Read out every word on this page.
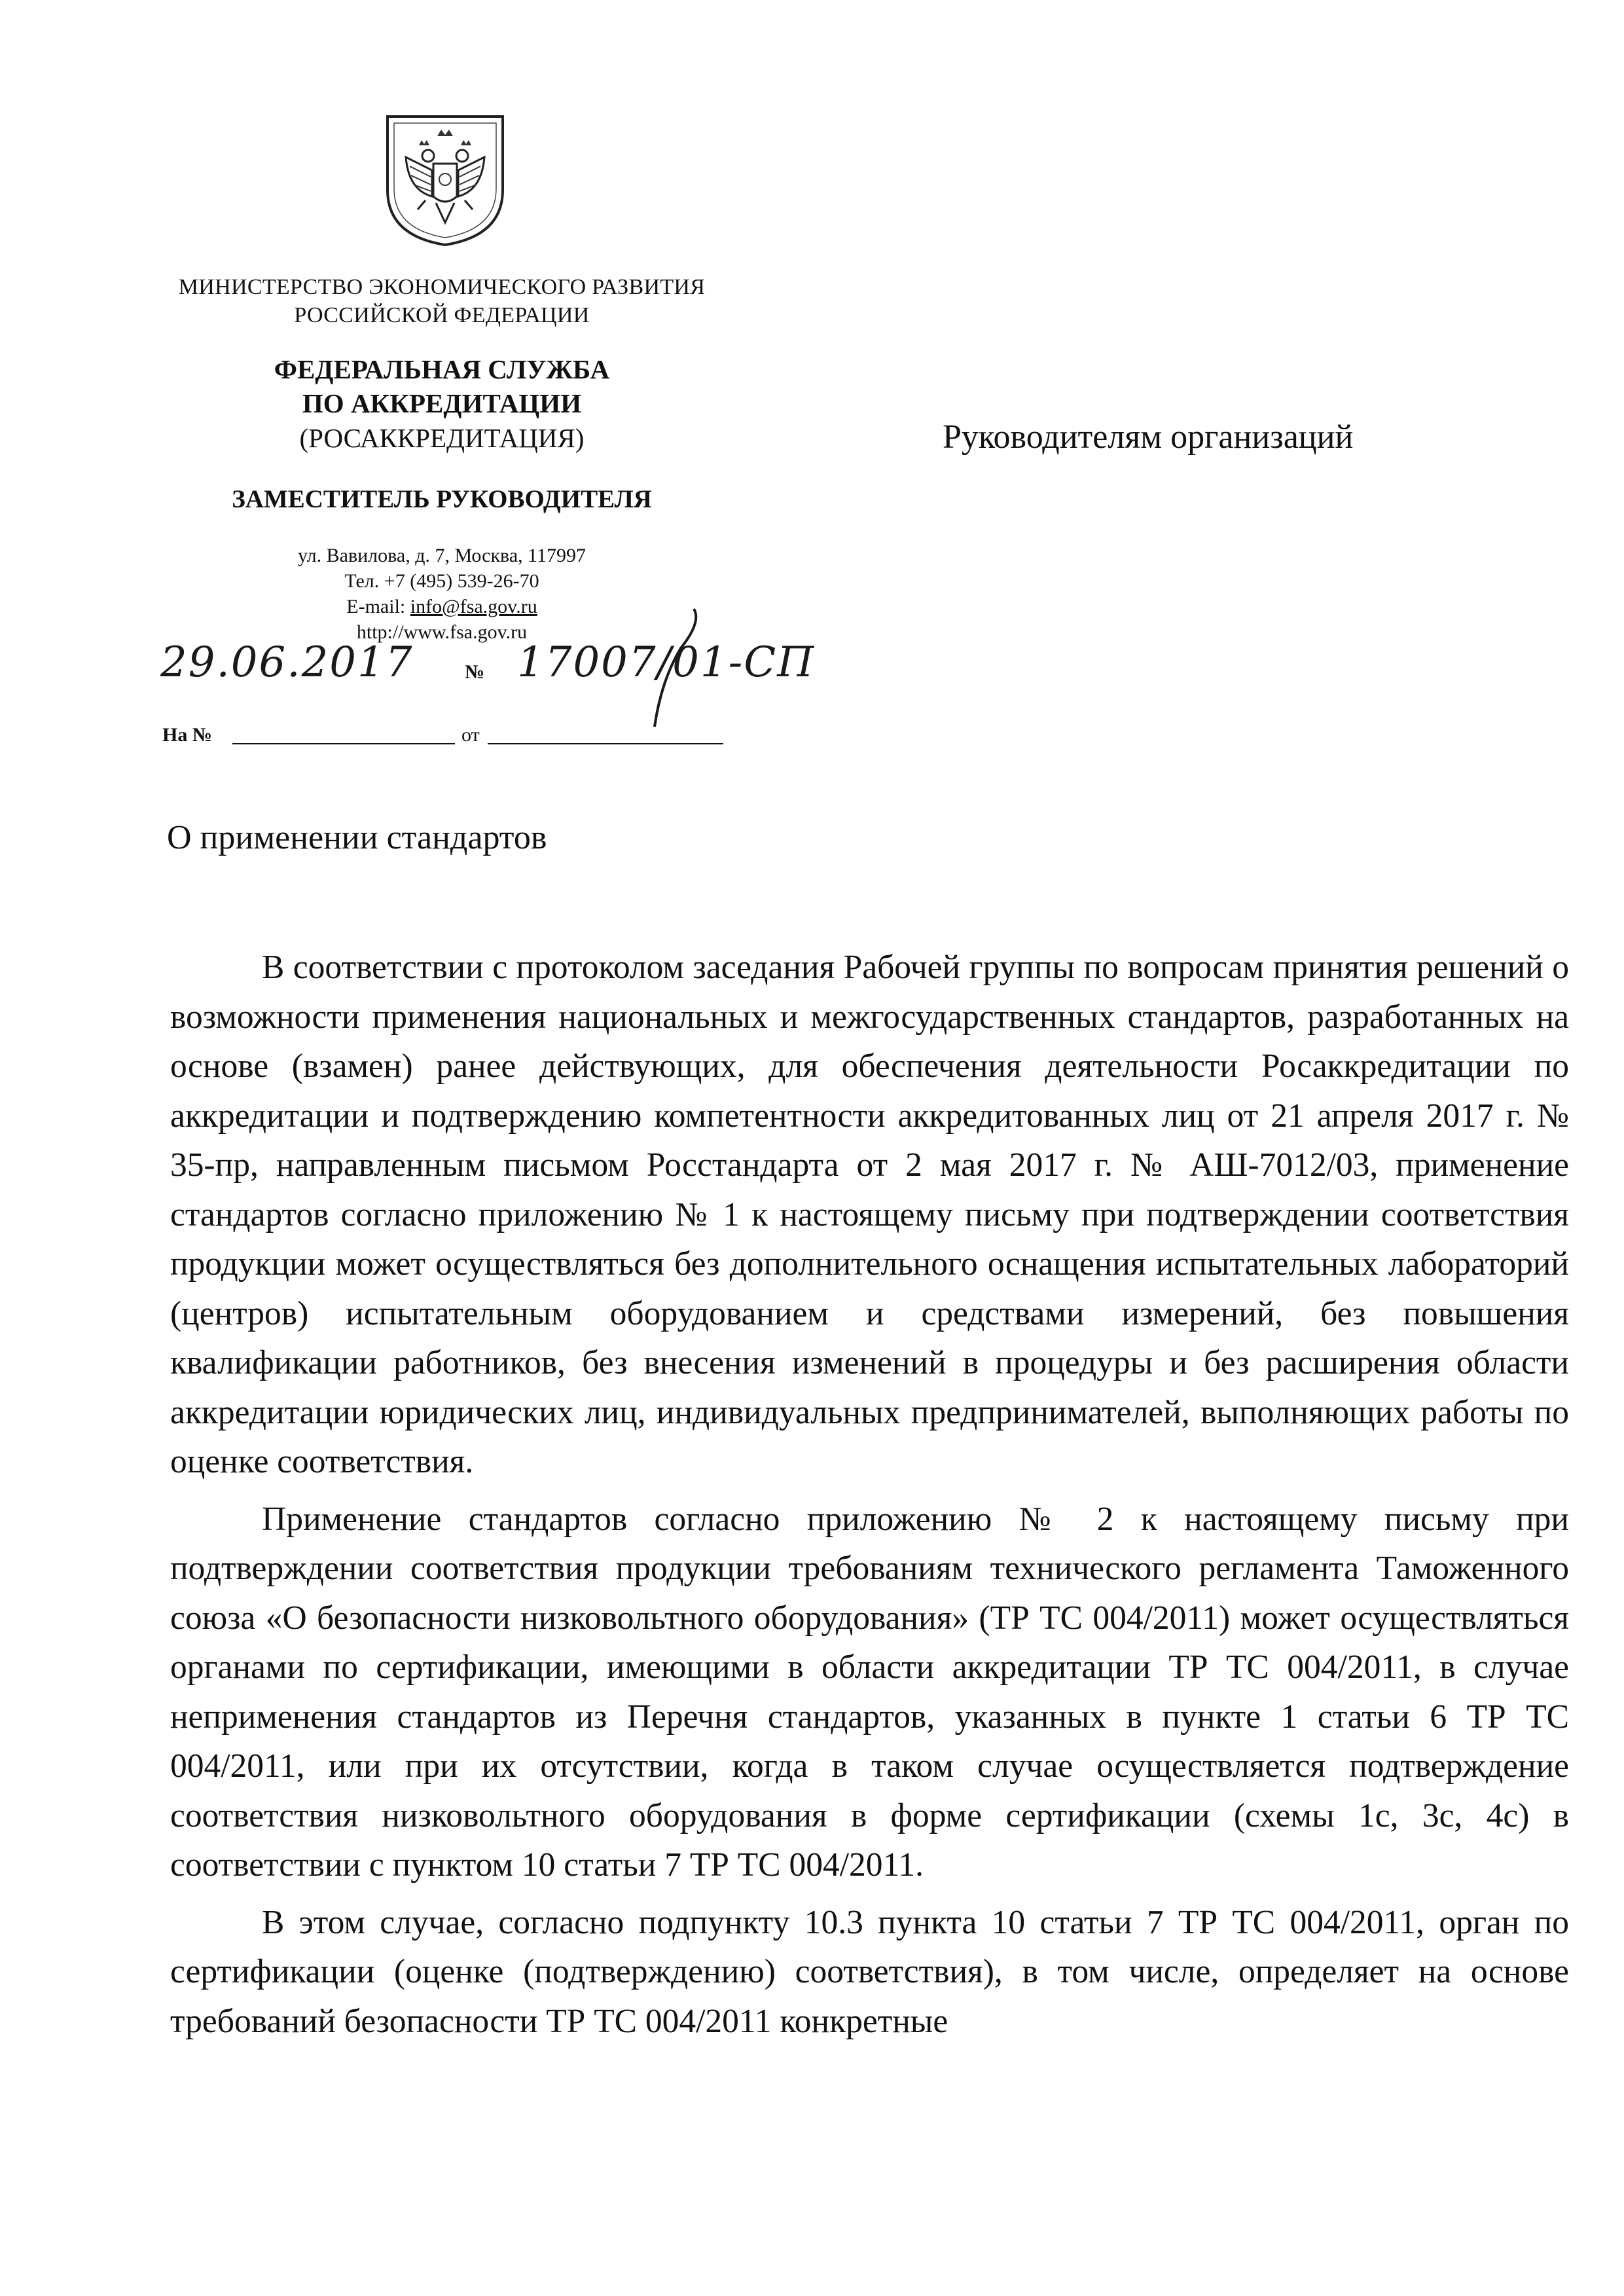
МИНИСТЕРСТВО ЭКОНОМИЧЕСКОГО РАЗВИТИЯ
РОССИЙСКОЙ ФЕДЕРАЦИИ
ФЕДЕРАЛЬНАЯ СЛУЖБА
ПО АККРЕДИТАЦИИ
(РОСАККРЕДИТАЦИЯ)
ЗАМЕСТИТЕЛЬ РУКОВОДИТЕЛЯ
ул. Вавилова, д. 7, Москва, 117997
Тел. +7 (495) 539-26-70
E-mail: info@fsa.gov.ru
http://www.fsa.gov.ru
29.06.2017	№ 17007/01-СП
На №	от
Руководителям организаций
О применении стандартов

В соответствии с протоколом заседания Рабочей группы по вопросам принятия решений о возможности применения национальных и межгосударственных стандартов, разработанных на основе (взамен) ранее действующих, для обеспечения деятельности Росаккредитации по аккредитации и подтверждению компетентности аккредитованных лиц от 21 апреля 2017 г. № 35-пр, направленным письмом Росстандарта от 2 мая 2017 г. № АШ-7012/03, применение стандартов согласно приложению № 1 к настоящему письму при подтверждении соответствия продукции может осуществляться без дополнительного оснащения испытательных лабораторий (центров) испытательным оборудованием и средствами измерений, без повышения квалификации работников, без внесения изменений в процедуры и без расширения области аккредитации юридических лиц, индивидуальных предпринимателей, выполняющих работы по оценке соответствия.

Применение стандартов согласно приложению № 2 к настоящему письму при подтверждении соответствия продукции требованиям технического регламента Таможенного союза «О безопасности низковольтного оборудования» (ТР ТС 004/2011) может осуществляться органами по сертификации, имеющими в области аккредитации ТР ТС 004/2011, в случае неприменения стандартов из Перечня стандартов, указанных в пункте 1 статьи 6 ТР ТС 004/2011, или при их отсутствии, когда в таком случае осуществляется подтверждение соответствия низковольтного оборудования в форме сертификации (схемы 1с, 3с, 4с) в соответствии с пунктом 10 статьи 7 ТР ТС 004/2011.

В этом случае, согласно подпункту 10.3 пункта 10 статьи 7 ТР ТС 004/2011, орган по сертификации (оценке (подтверждению) соответствия), в том числе, определяет на основе требований безопасности ТР ТС 004/2011 конкретные
